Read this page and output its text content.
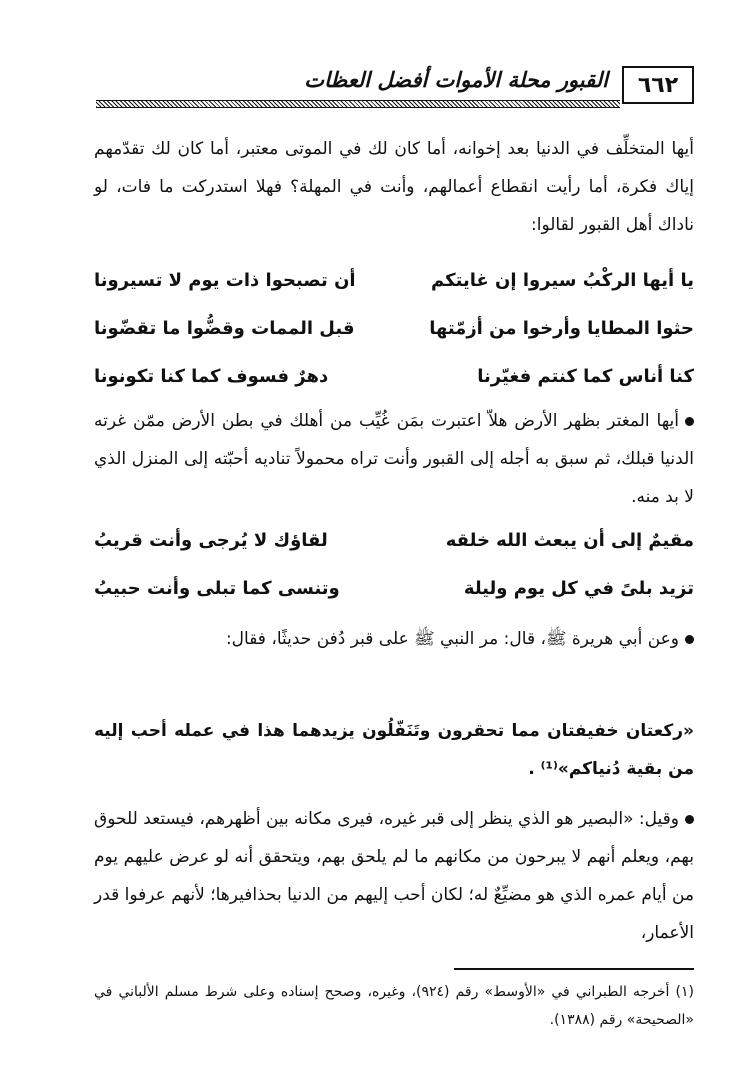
٦٦٢
القبور محلة الأموات أفضل العظات
أيها المتخلِّف في الدنيا بعد إخوانه، أما كان لك في الموتى معتبر، أما كان لك تقدّمهم إياك فكرة، أما رأيت انقطاع أعمالهم، وأنت في المهلة؟ فهلا استدركت ما فات، لو ناداك أهل القبور لقالوا:
يا أيها الركْبُ سيروا إن غايتكم
أن تصبحوا ذات يوم لا تسيرونا
حثوا المطايا وأرخوا من أزمّتها
قبل الممات وقضُّوا ما تقضّونا
كنا أناس كما كنتم فغيّرنا
دهرٌ فسوف كما كنا تكونونا
أيها المغتر بظهر الأرض هلاّ اعتبرت بمَن غُيِّب من أهلك في بطن الأرض ممّن غرته الدنيا قبلك، ثم سبق به أجله إلى القبور وأنت تراه محمولاً تناديه أحبّته إلى المنزل الذي لا بد منه.
مقيمٌ إلى أن يبعث الله خلقه
لقاؤك لا يُرجى وأنت قريبُ
تزيد بلىً في كل يوم وليلة
وتنسى كما تبلى وأنت حبيبُ
وعن أبي هريرة ﷺ، قال: مر النبي ﷺ على قبر دُفن حديثًا، فقال:
«ركعتان خفيفتان مما تحقرون وتَنَفّلُون يزيدهما هذا في عمله أحب إليه من بقية دُنياكم»⁽¹⁾ .
وقيل: «البصير هو الذي ينظر إلى قبر غيره، فيرى مكانه بين أظهرهم، فيستعد للحوق بهم، ويعلم أنهم لا يبرحون من مكانهم ما لم يلحق بهم، ويتحقق أنه لو عرض عليهم يوم من أيام عمره الذي هو مضيِّعٌ له؛ لكان أحب إليهم من الدنيا بحذافيرها؛ لأنهم عرفوا قدر الأعمار،
(١) أخرجه الطبراني في «الأوسط» رقم (٩٢٤)، وغيره، وصحح إسناده وعلى شرط مسلم الألباني في «الصحيحة» رقم (١٣٨٨).
